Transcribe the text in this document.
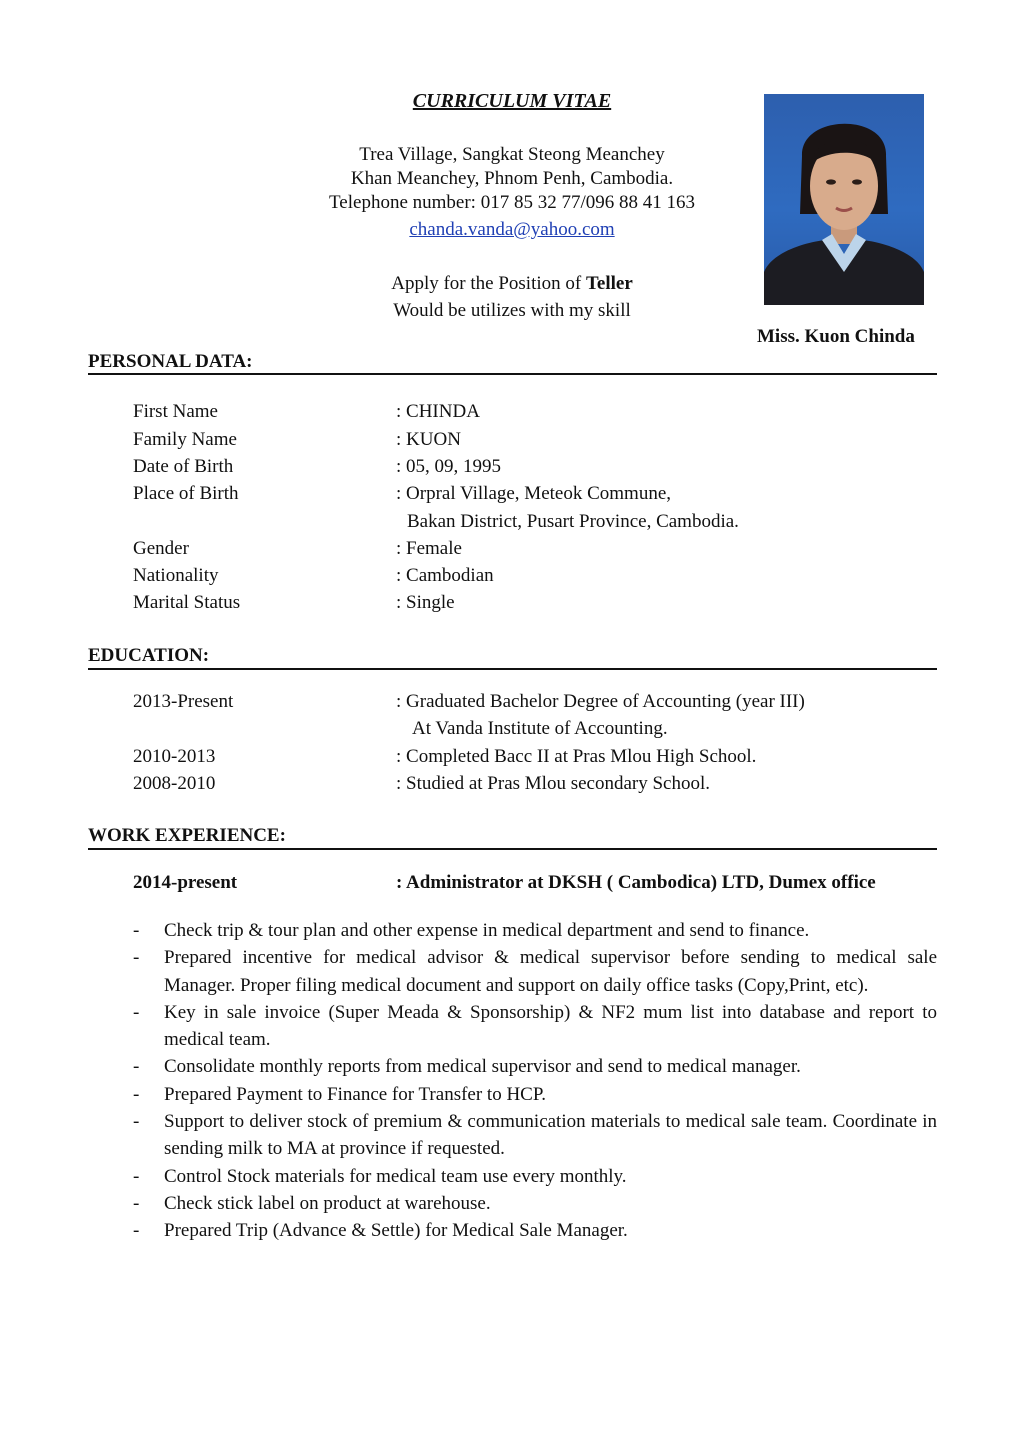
CURRICULUM VITAE
Trea Village, Sangkat Steong Meanchey
Khan Meanchey, Phnom Penh, Cambodia.
Telephone number: 017 85 32 77/096 88 41 163
chanda.vanda@yahoo.com
Apply for the Position of Teller
Would be utilizes with my skill
Miss. Kuon Chinda
PERSONAL DATA:
First Name	: CHINDA
Family Name	: KUON
Date of Birth	: 05, 09, 1995
Place of Birth	: Orpral Village, Meteok Commune,
Bakan District, Pusart Province, Cambodia.
Gender	: Female
Nationality	: Cambodian
Marital Status	: Single
EDUCATION:
2013-Present	: Graduated Bachelor Degree of Accounting (year III)
At Vanda Institute of Accounting.
2010-2013	: Completed Bacc II at Pras Mlou High School.
2008-2010	: Studied at Pras Mlou secondary School.
WORK EXPERIENCE:
2014-present	: Administrator at DKSH ( Cambodica) LTD, Dumex office
- Check trip & tour plan and other expense in medical department and send to finance.
- Prepared incentive for medical advisor & medical supervisor before sending to medical sale Manager. Proper filing medical document and support on daily office tasks (Copy,Print, etc).
- Key in sale invoice (Super Meada & Sponsorship) & NF2 mum list into database and report to medical team.
- Consolidate monthly reports from medical supervisor and send to medical manager.
- Prepared Payment to Finance for Transfer to HCP.
- Support to deliver stock of premium & communication materials to medical sale team. Coordinate in sending milk to MA at province if requested.
- Control Stock materials for medical team use every monthly.
- Check stick label on product at warehouse.
- Prepared Trip (Advance & Settle) for Medical Sale Manager.
